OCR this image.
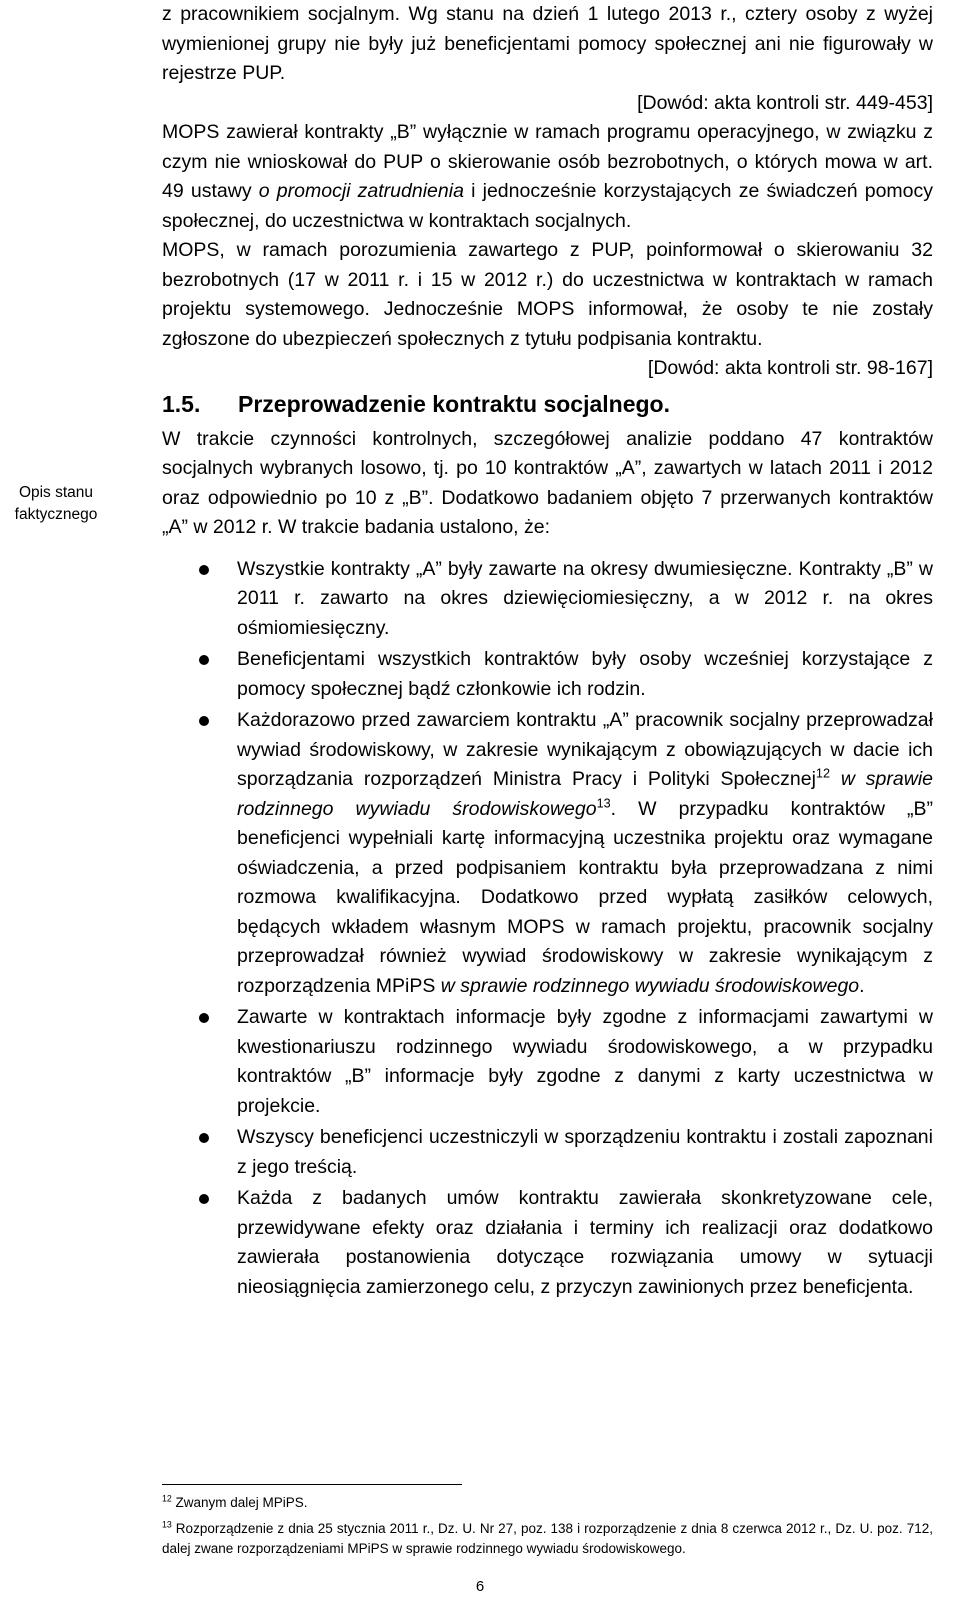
Opis stanu
faktycznego

z pracownikiem socjalnym. Wg stanu na dzień 1 lutego 2013 r., cztery osoby z wyżej wymienionej grupy nie były już beneficjentami pomocy społecznej ani nie figurowały w rejestrze PUP.

[Dowód: akta kontroli str. 449-453]

MOPS zawierał kontrakty „B” wyłącznie w ramach programu operacyjnego, w związku z czym nie wnioskował do PUP o skierowanie osób bezrobotnych, o których mowa w art. 49 ustawy o promocji zatrudnienia i jednocześnie korzystających ze świadczeń pomocy społecznej, do uczestnictwa w kontraktach socjalnych.

MOPS, w ramach porozumienia zawartego z PUP, poinformował o skierowaniu 32 bezrobotnych (17 w 2011 r. i 15 w 2012 r.) do uczestnictwa w kontraktach w ramach projektu systemowego. Jednocześnie MOPS informował, że osoby te nie zostały zgłoszone do ubezpieczeń społecznych z tytułu podpisania kontraktu.

[Dowód: akta kontroli str. 98-167]

1.5. Przeprowadzenie kontraktu socjalnego.

W trakcie czynności kontrolnych, szczegółowej analizie poddano 47 kontraktów socjalnych wybranych losowo, tj. po 10 kontraktów „A”, zawartych w latach 2011 i 2012 oraz odpowiednio po 10 z „B”. Dodatkowo badaniem objęto 7 przerwanych kontraktów „A” w 2012 r. W trakcie badania ustalono, że:

Wszystkie kontrakty „A” były zawarte na okresy dwumiesięczne. Kontrakty „B” w 2011 r. zawarto na okres dziewięciomiesięczny, a w 2012 r. na okres ośmiomiesięczny.
Beneficjentami wszystkich kontraktów były osoby wcześniej korzystające z pomocy społecznej bądź członkowie ich rodzin.
Każdorazowo przed zawarciem kontraktu „A” pracownik socjalny przeprowadzał wywiad środowiskowy, w zakresie wynikającym z obowiązujących w dacie ich sporządzania rozporządzeń Ministra Pracy i Polityki Społecznej$^{12}$ w sprawie rodzinnego wywiadu środowiskowego$^{13}$. W przypadku kontraktów „B” beneficjenci wypełniali kartę informacyjną uczestnika projektu oraz wymagane oświadczenia, a przed podpisaniem kontraktu była przeprowadzana z nimi rozmowa kwalifikacyjna. Dodatkowo przed wypłatą zasiłków celowych, będących wkładem własnym MOPS w ramach projektu, pracownik socjalny przeprowadzał również wywiad środowiskowy w zakresie wynikającym z rozporządzenia MPiPS w sprawie rodzinnego wywiadu środowiskowego.
Zawarte w kontraktach informacje były zgodne z informacjami zawartymi w kwestionariuszu rodzinnego wywiadu środowiskowego, a w przypadku kontraktów „B” informacje były zgodne z danymi z karty uczestnictwa w projekcie.
Wszyscy beneficjenci uczestniczyli w sporządzeniu kontraktu i zostali zapoznani z jego treścią.
Każda z badanych umów kontraktu zawierała skonkretyzowane cele, przewidywane efekty oraz działania i terminy ich realizacji oraz dodatkowo zawierała postanowienia dotyczące rozwiązania umowy w sytuacji nieosiągnięcia zamierzonego celu, z przyczyn zawinionych przez beneficjenta.

$^{12}$ Zwanym dalej MPiPS.

$^{13}$ Rozporządzenie z dnia 25 stycznia 2011 r., Dz. U. Nr 27, poz. 138 i rozporządzenie z dnia 8 czerwca 2012 r., Dz. U. poz. 712, dalej zwane rozporządzeniami MPiPS w sprawie rodzinnego wywiadu środowiskowego.

6
